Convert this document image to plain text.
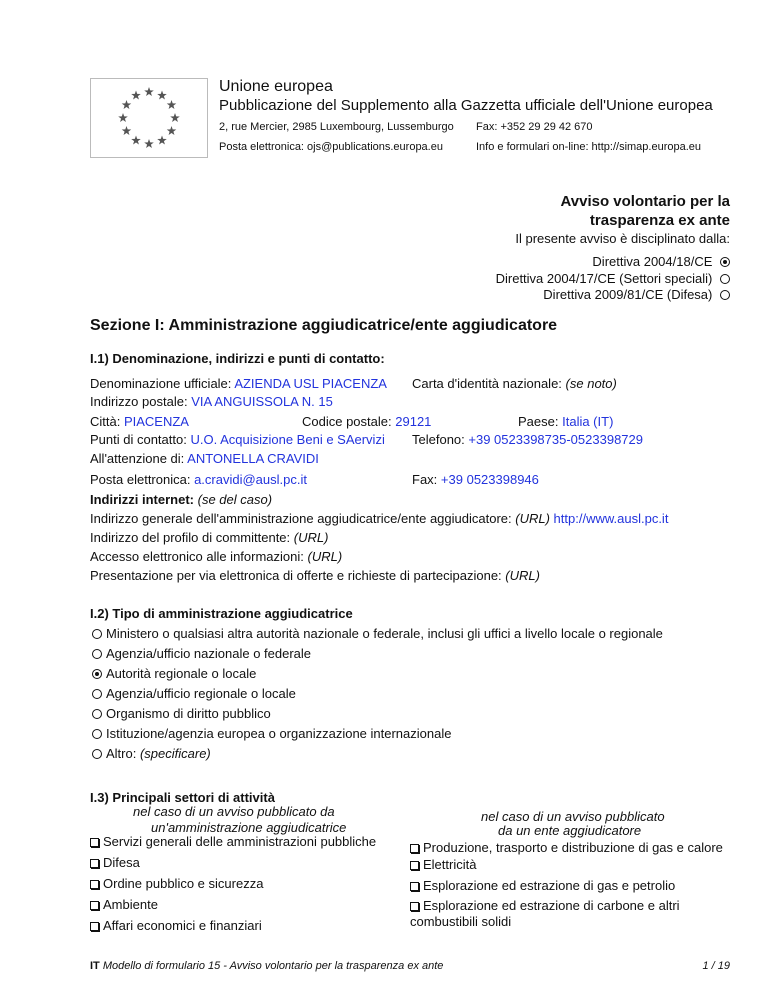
Unione europea
Pubblicazione del Supplemento alla Gazzetta ufficiale dell'Unione europea
2, rue Mercier, 2985 Luxembourg, Lussemburgo Fax: +352 29 29 42 670
Posta elettronica: ojs@publications.europa.eu	Info e formulari on-line: http://simap.europa.eu
Avviso volontario per la
trasparenza ex ante
Il presente avviso è disciplinato dalla:
Direttiva 2004/18/CE
Direttiva 2004/17/CE (Settori speciali)
Direttiva 2009/81/CE (Difesa)
Sezione I: Amministrazione aggiudicatrice/ente aggiudicatore
I.1) Denominazione, indirizzi e punti di contatto:
Denominazione ufficiale: AZIENDA USL PIACENZA Carta d'identità nazionale: (se noto)
Indirizzo postale: VIA ANGUISSOLA N. 15
Città: PIACENZA	Codice postale: 29121	Paese: Italia (IT)
Punti di contatto: U.O. Acquisizione Beni e SAervizi Telefono: +39 0523398735-0523398729
All'attenzione di: ANTONELLA CRAVIDI
Posta elettronica: a.cravidi@ausl.pc.it	Fax: +39 0523398946
Indirizzi internet: (se del caso)
Indirizzo generale dell'amministrazione aggiudicatrice/ente aggiudicatore: (URL) http://www.ausl.pc.it
Indirizzo del profilo di committente: (URL)
Accesso elettronico alle informazioni: (URL)
Presentazione per via elettronica di offerte e richieste di partecipazione: (URL)
I.2) Tipo di amministrazione aggiudicatrice
Ministero o qualsiasi altra autorità nazionale o federale, inclusi gli uffici a livello locale o regionale
Agenzia/ufficio nazionale o federale
Autorità regionale o locale
Agenzia/ufficio regionale o locale
Organismo di diritto pubblico
Istituzione/agenzia europea o organizzazione internazionale
Altro: (specificare)
I.3) Principali settori di attività
nel caso di un avviso pubblicato da
un'amministrazione aggiudicatrice
Servizi generali delle amministrazioni pubbliche
Difesa
Ordine pubblico e sicurezza
Ambiente
Affari economici e finanziari
nel caso di un avviso pubblicato
da un ente aggiudicatore
Produzione, trasporto e distribuzione di gas e calore
Elettricità
Esplorazione ed estrazione di gas e petrolio
Esplorazione ed estrazione di carbone e altri
combustibili solidi
IT Modello di formulario 15 - Avviso volontario per la trasparenza ex ante	1 / 19
